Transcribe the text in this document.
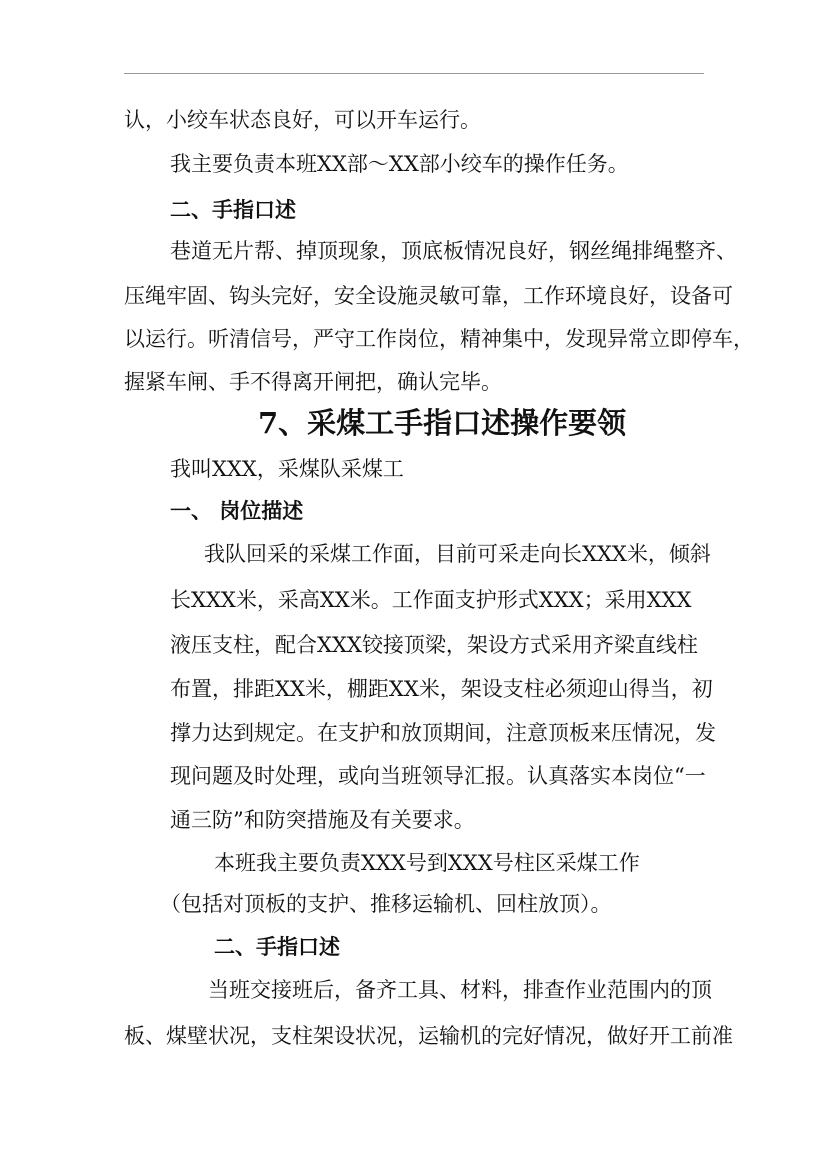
认，小绞车状态良好，可以开车运行。
我主要负责本班XX部～XX部小绞车的操作任务。
二、手指口述
巷道无片帮、掉顶现象，顶底板情况良好，钢丝绳排绳整齐、
压绳牢固、钩头完好，安全设施灵敏可靠，工作环境良好，设备可
以运行。听清信号，严守工作岗位，精神集中，发现异常立即停车，
握紧车闸、手不得离开闸把，确认完毕。
7、采煤工手指口述操作要领
我叫XXX，采煤队采煤工
一、 岗位描述
我队回采的采煤工作面，目前可采走向长XXX米，倾斜
长XXX米，采高XX米。工作面支护形式XXX；采用XXX
液压支柱，配合XXX铰接顶梁，架设方式采用齐梁直线柱
布置，排距XX米，棚距XX米，架设支柱必须迎山得当，初
撑力达到规定。在支护和放顶期间，注意顶板来压情况，发
现问题及时处理，或向当班领导汇报。认真落实本岗位“一
通三防”和防突措施及有关要求。
本班我主要负责XXX号到XXX号柱区采煤工作
（包括对顶板的支护、推移运输机、回柱放顶）。
二、手指口述
当班交接班后，备齐工具、材料，排查作业范围内的顶
板、煤壁状况，支柱架设状况，运输机的完好情况，做好开工前准
